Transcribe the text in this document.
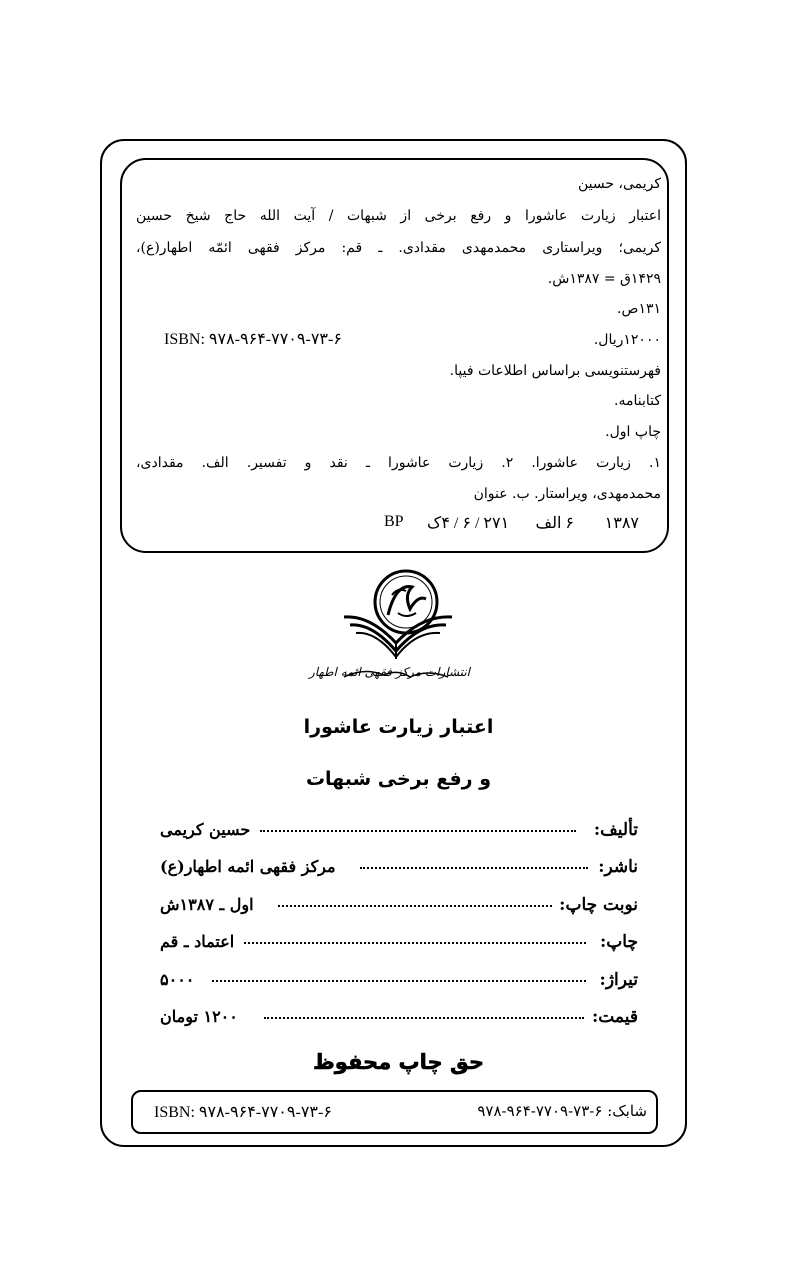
کریمی، حسین
اعتبار زیارت عاشورا و رفع برخی از شبهات / آیت الله حاج شیخ حسین
کریمی؛ ویراستاری محمدمهدی مقدادی. ـ قم: مرکز فقهی ائمّه اطهار(ع)،
۱۴۲۹ق = ۱۳۸۷ش.
۱۳۱ص.
۱۲۰۰۰ریال.
ISBN: ۹۷۸-۹۶۴-۷۷۰۹-۷۳-۶
فهرستنویسی براساس اطلاعات فیپا.
کتابنامه.
چاپ اول.
۱. زیارت عاشورا. ۲. زیارت عاشورا ـ نقد و تفسیر. الف. مقدادی،
محمدمهدی، ویراستار. ب. عنوان
۱۳۸۷
۶ الف
۲۷۱ / ۶ / ۴ک
BP
انتشارات مرکز فقهی ائمه اطهار
اعتبار زیارت عاشورا
و رفع برخی شبهات
تألیف:
حسین کریمی
ناشر:
مرکز فقهی ائمه اطهار(ع)
نوبت چاپ:
اول ـ ۱۳۸۷ش
چاپ:
اعتماد ـ قم
تیراژ:
۵۰۰۰
قیمت:
۱۲۰۰ تومان
حق چاپ محفوظ
شابک: ۶-۷۳-۷۷۰۹-۹۶۴-۹۷۸
ISBN: ۹۷۸-۹۶۴-۷۷۰۹-۷۳-۶
